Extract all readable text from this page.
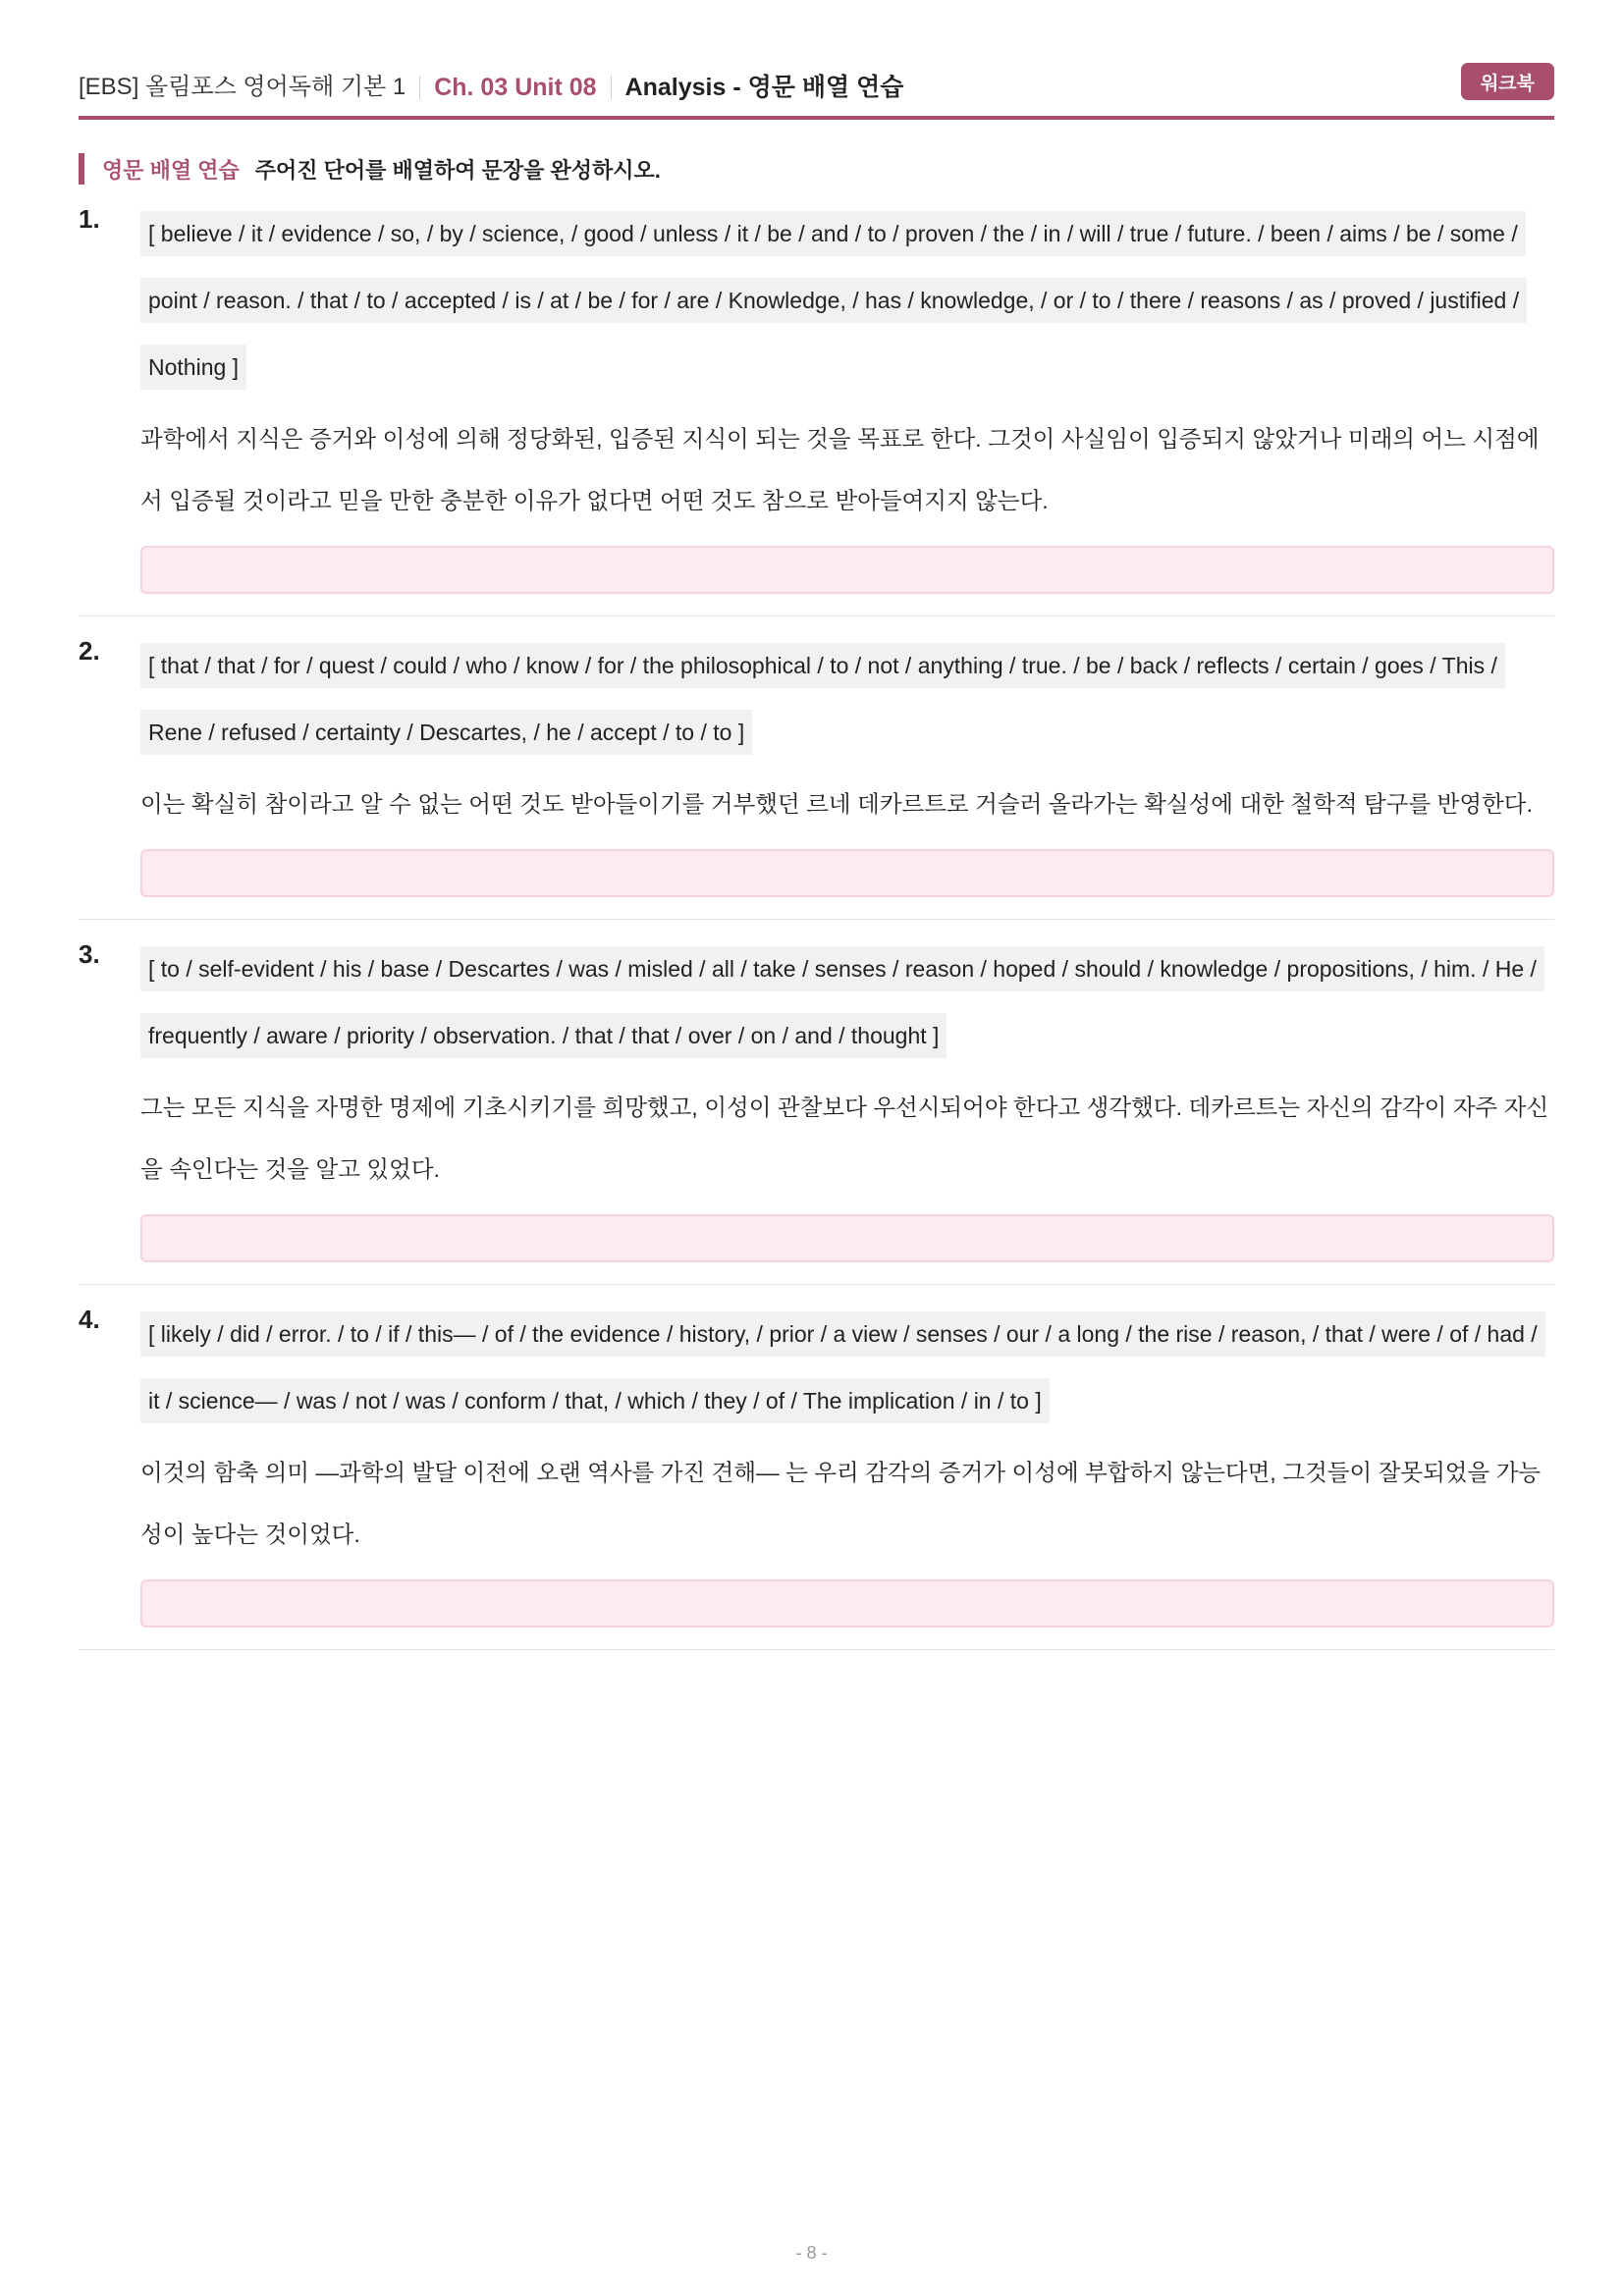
[EBS] 올림포스 영어독해 기본 1	Ch. 03 Unit 08	Analysis - 영문 배열 연습	워크북
영문 배열 연습 주어진 단어를 배열하여 문장을 완성하시오.
1.	[ believe / it / evidence / so, / by / science, / good / unless / it / be / and / to / proven / the / in / will / true / future. / been / aims / be / some / point / reason. / that / to / accepted / is / at / be / for / are / Knowledge, / has / knowledge, / or / to / there / reasons / as / proved / justified / Nothing ]
과학에서 지식은 증거와 이성에 의해 정당화된, 입증된 지식이 되는 것을 목표로 한다. 그것이 사실임이 입증되지 않았거나 미래의 어느 시점에서 입증될 것이라고 믿을 만한 충분한 이유가 없다면 어떤 것도 참으로 받아들여지지 않는다.
2.	[ that / that / for / quest / could / who / know / for / the philosophical / to / not / anything / true. / be / back / reflects / certain / goes / This / Rene / refused / certainty / Descartes, / he / accept / to / to ]
이는 확실히 참이라고 알 수 없는 어떤 것도 받아들이기를 거부했던 르네 데카르트로 거슬러 올라가는 확실성에 대한 철학적 탐구를 반영한다.
3.	[ to / self-evident / his / base / Descartes / was / misled / all / take / senses / reason / hoped / should / knowledge / propositions, / him. / He / frequently / aware / priority / observation. / that / that / over / on / and / thought ]
그는 모든 지식을 자명한 명제에 기초시키기를 희망했고, 이성이 관찰보다 우선시되어야 한다고 생각했다. 데카르트는 자신의 감각이 자주 자신을 속인다는 것을 알고 있었다.
4.	[ likely / did / error. / to / if / this— / of / the evidence / history, / prior / a view / senses / our / a long / the rise / reason, / that / were / of / had / it / science— / was / not / was / conform / that, / which / they / of / The implication / in / to ]
이것의 함축 의미 —과학의 발달 이전에 오랜 역사를 가진 견해— 는 우리 감각의 증거가 이성에 부합하지 않는다면, 그것들이 잘못되었을 가능성이 높다는 것이었다.
- 8 -
